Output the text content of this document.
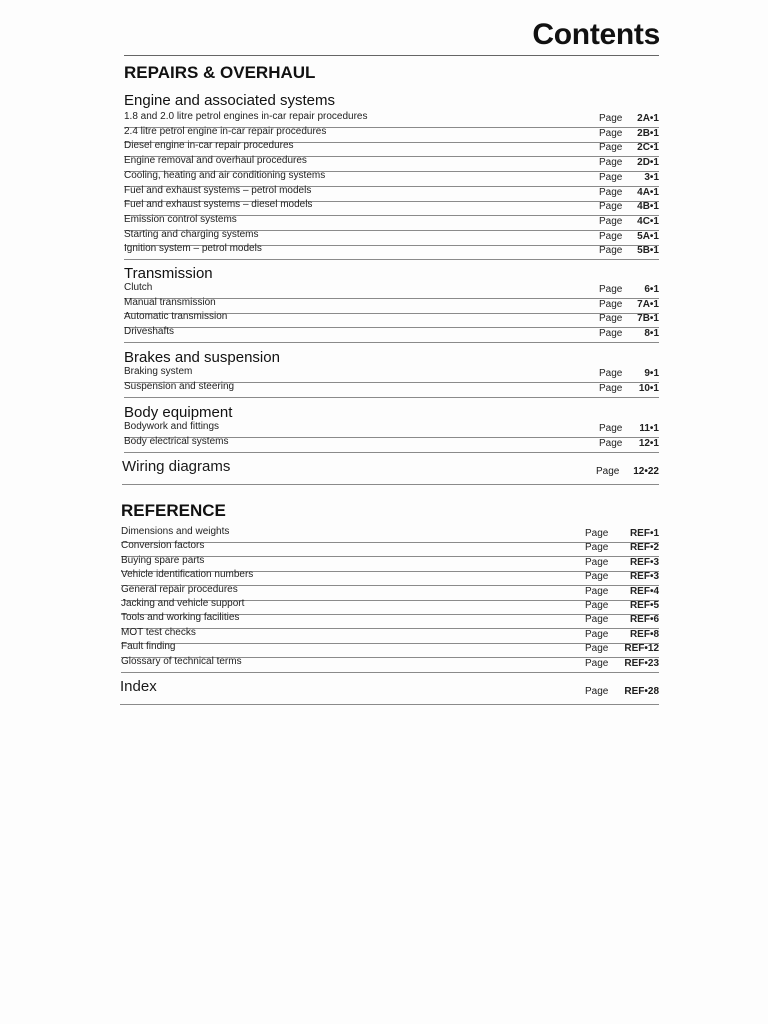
Contents
REPAIRS & OVERHAUL
Engine and associated systems
1.8 and 2.0 litre petrol engines in-car repair procedures	Page 2A•1
2.4 litre petrol engine in-car repair procedures	Page 2B•1
Diesel engine in-car repair procedures	Page 2C•1
Engine removal and overhaul procedures	Page 2D•1
Cooling, heating and air conditioning systems	Page 3•1
Fuel and exhaust systems – petrol models	Page 4A•1
Fuel and exhaust systems – diesel models	Page 4B•1
Emission control systems	Page 4C•1
Starting and charging systems	Page 5A•1
Ignition system – petrol models	Page 5B•1
Transmission
Clutch	Page 6•1
Manual transmission	Page 7A•1
Automatic transmission	Page 7B•1
Driveshafts	Page 8•1
Brakes and suspension
Braking system	Page 9•1
Suspension and steering	Page 10•1
Body equipment
Bodywork and fittings	Page 11•1
Body electrical systems	Page 12•1
Wiring diagrams	Page 12•22
REFERENCE
Dimensions and weights	Page REF•1
Conversion factors	Page REF•2
Buying spare parts	Page REF•3
Vehicle identification numbers	Page REF•3
General repair procedures	Page REF•4
Jacking and vehicle support	Page REF•5
Tools and working facilities	Page REF•6
MOT test checks	Page REF•8
Fault finding	Page REF•12
Glossary of technical terms	Page REF•23
Index	Page REF•28
